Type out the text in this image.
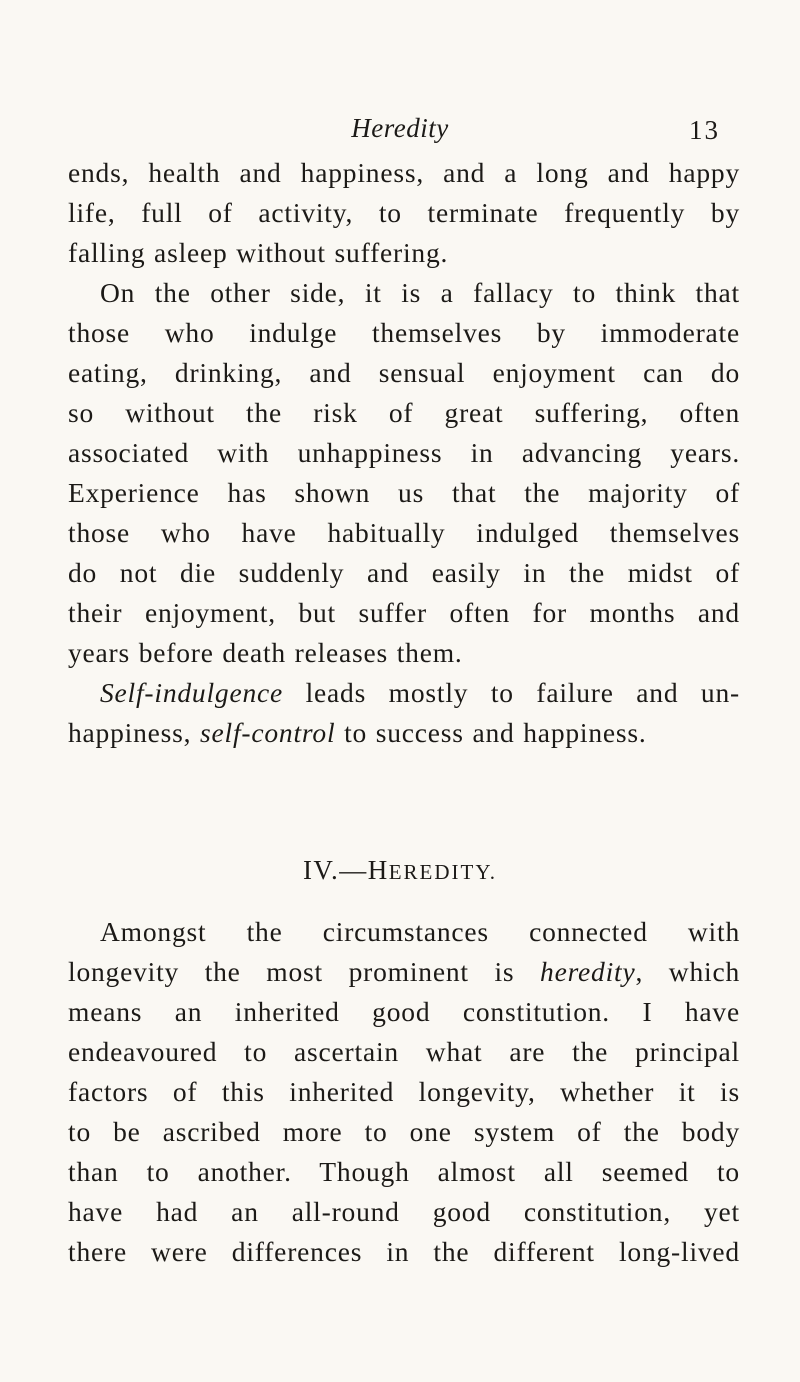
Heredity	13
ends, health and happiness, and a long and happy
life, full of activity, to terminate frequently by
falling asleep without suffering.
On the other side, it is a fallacy to think that
those who indulge themselves by immoderate
eating, drinking, and sensual enjoyment can do
so without the risk of great suffering, often
associated with unhappiness in advancing years.
Experience has shown us that the majority of
those who have habitually indulged themselves
do not die suddenly and easily in the midst of
their enjoyment, but suffer often for months and
years before death releases them.
Self-indulgence leads mostly to failure and un-
happiness, self-control to success and happiness.
IV.—HEREDITY.
Amongst the circumstances connected with
longevity the most prominent is heredity, which
means an inherited good constitution. I have
endeavoured to ascertain what are the principal
factors of this inherited longevity, whether it is
to be ascribed more to one system of the body
than to another. Though almost all seemed to
have had an all-round good constitution, yet
there were differences in the different long-lived
